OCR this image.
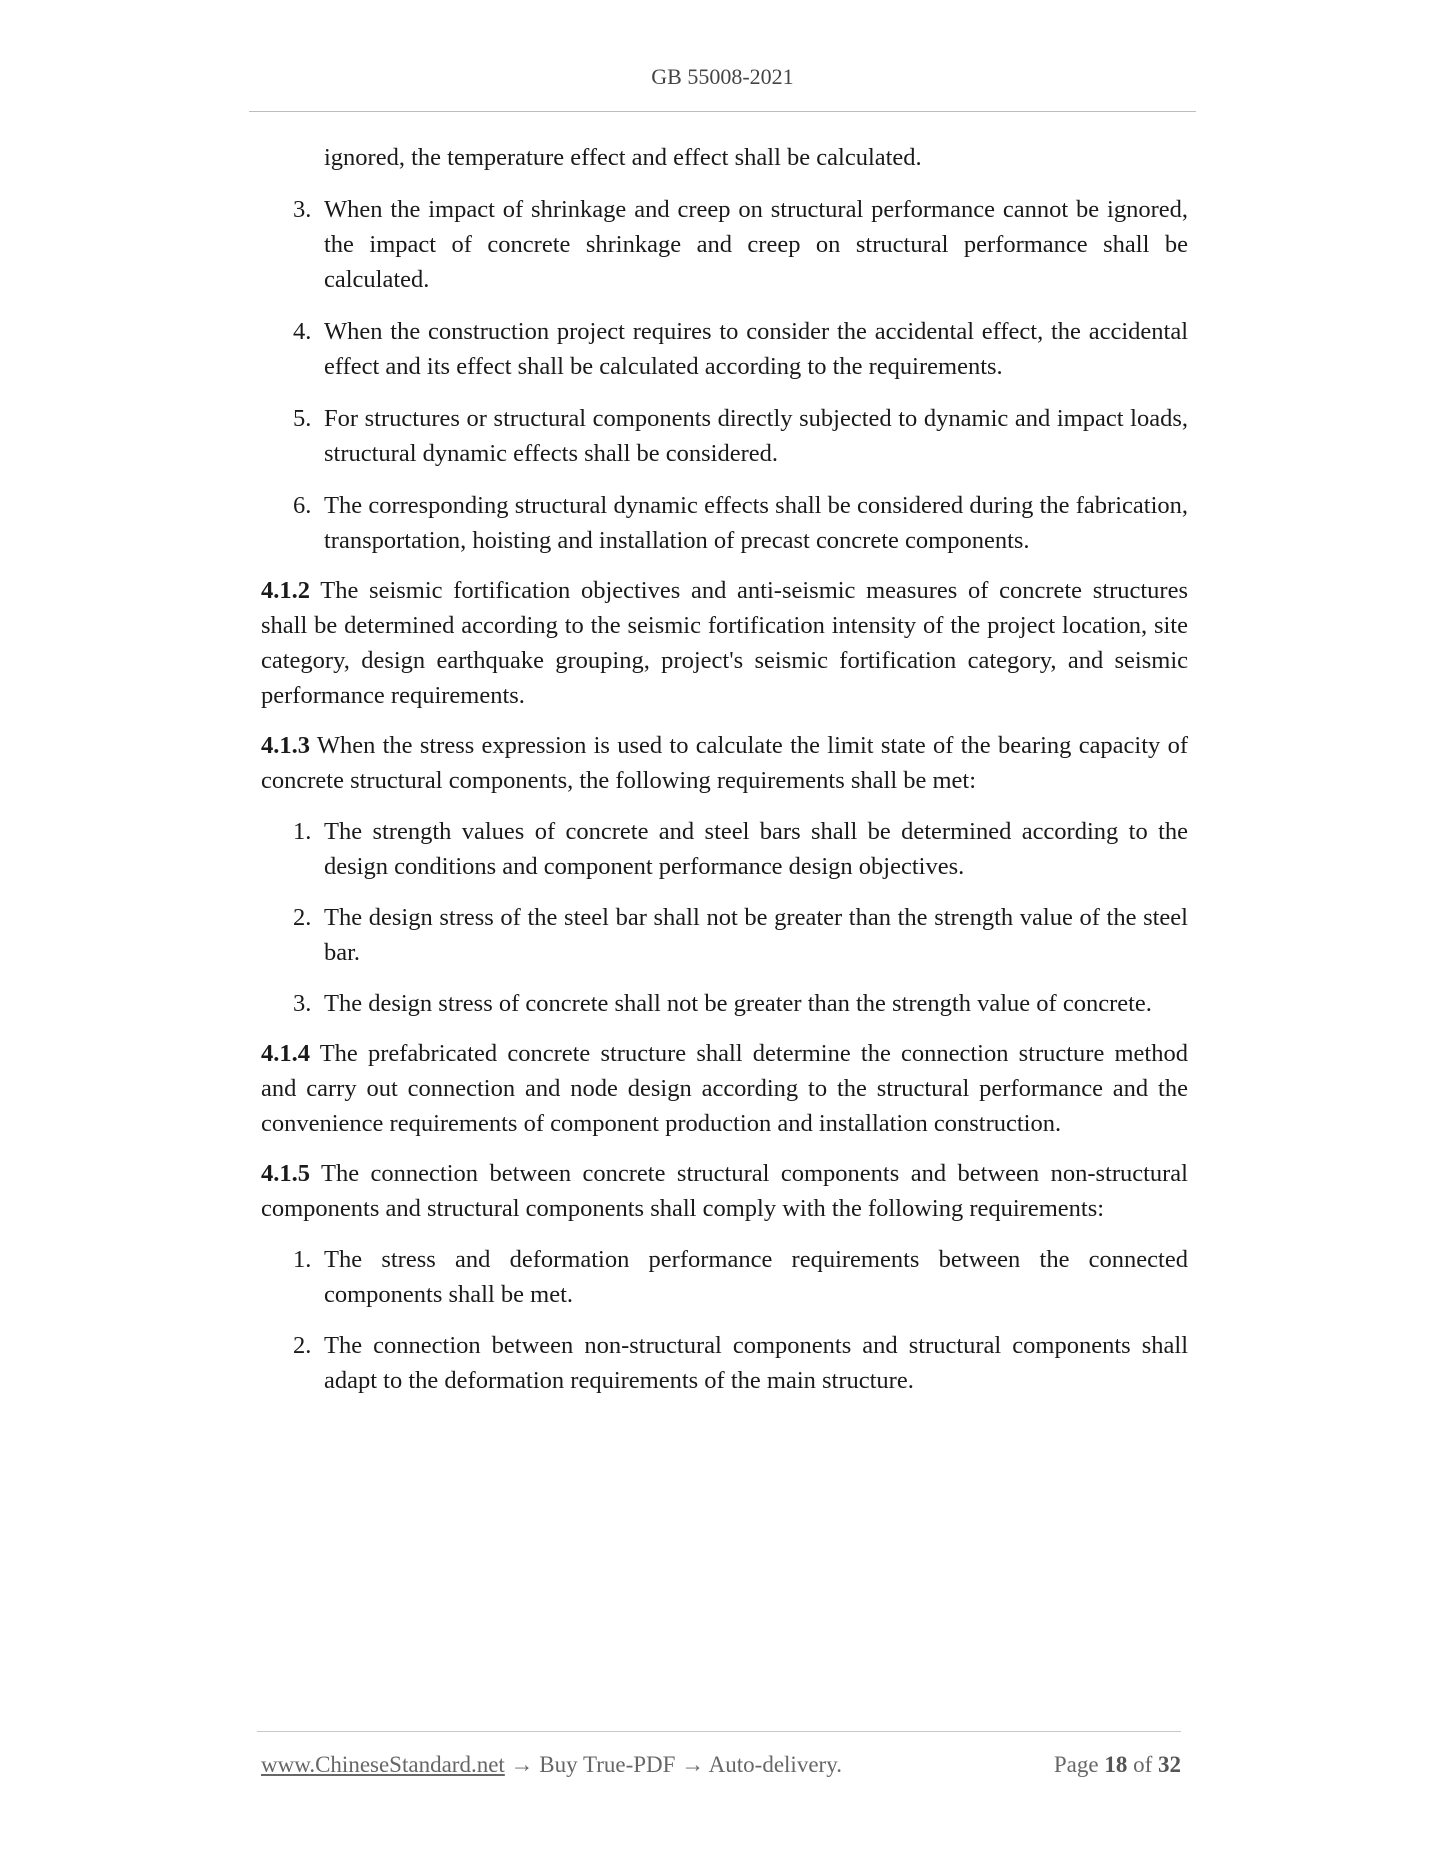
GB 55008-2021

ignored, the temperature effect and effect shall be calculated.

3. When the impact of shrinkage and creep on structural performance cannot be ignored, the impact of concrete shrinkage and creep on structural performance shall be calculated.
4. When the construction project requires to consider the accidental effect, the accidental effect and its effect shall be calculated according to the requirements.
5. For structures or structural components directly subjected to dynamic and impact loads, structural dynamic effects shall be considered.
6. The corresponding structural dynamic effects shall be considered during the fabrication, transportation, hoisting and installation of precast concrete components.

4.1.2 The seismic fortification objectives and anti-seismic measures of concrete structures shall be determined according to the seismic fortification intensity of the project location, site category, design earthquake grouping, project's seismic fortification category, and seismic performance requirements.

4.1.3 When the stress expression is used to calculate the limit state of the bearing capacity of concrete structural components, the following requirements shall be met:

1. The strength values of concrete and steel bars shall be determined according to the design conditions and component performance design objectives.
2. The design stress of the steel bar shall not be greater than the strength value of the steel bar.
3. The design stress of concrete shall not be greater than the strength value of concrete.

4.1.4 The prefabricated concrete structure shall determine the connection structure method and carry out connection and node design according to the structural performance and the convenience requirements of component production and installation construction.

4.1.5 The connection between concrete structural components and between non-structural components and structural components shall comply with the following requirements:

1. The stress and deformation performance requirements between the connected components shall be met.
2. The connection between non-structural components and structural components shall adapt to the deformation requirements of the main structure.
www.ChineseStandard.net → Buy True-PDF → Auto-delivery.	Page 18 of 32
